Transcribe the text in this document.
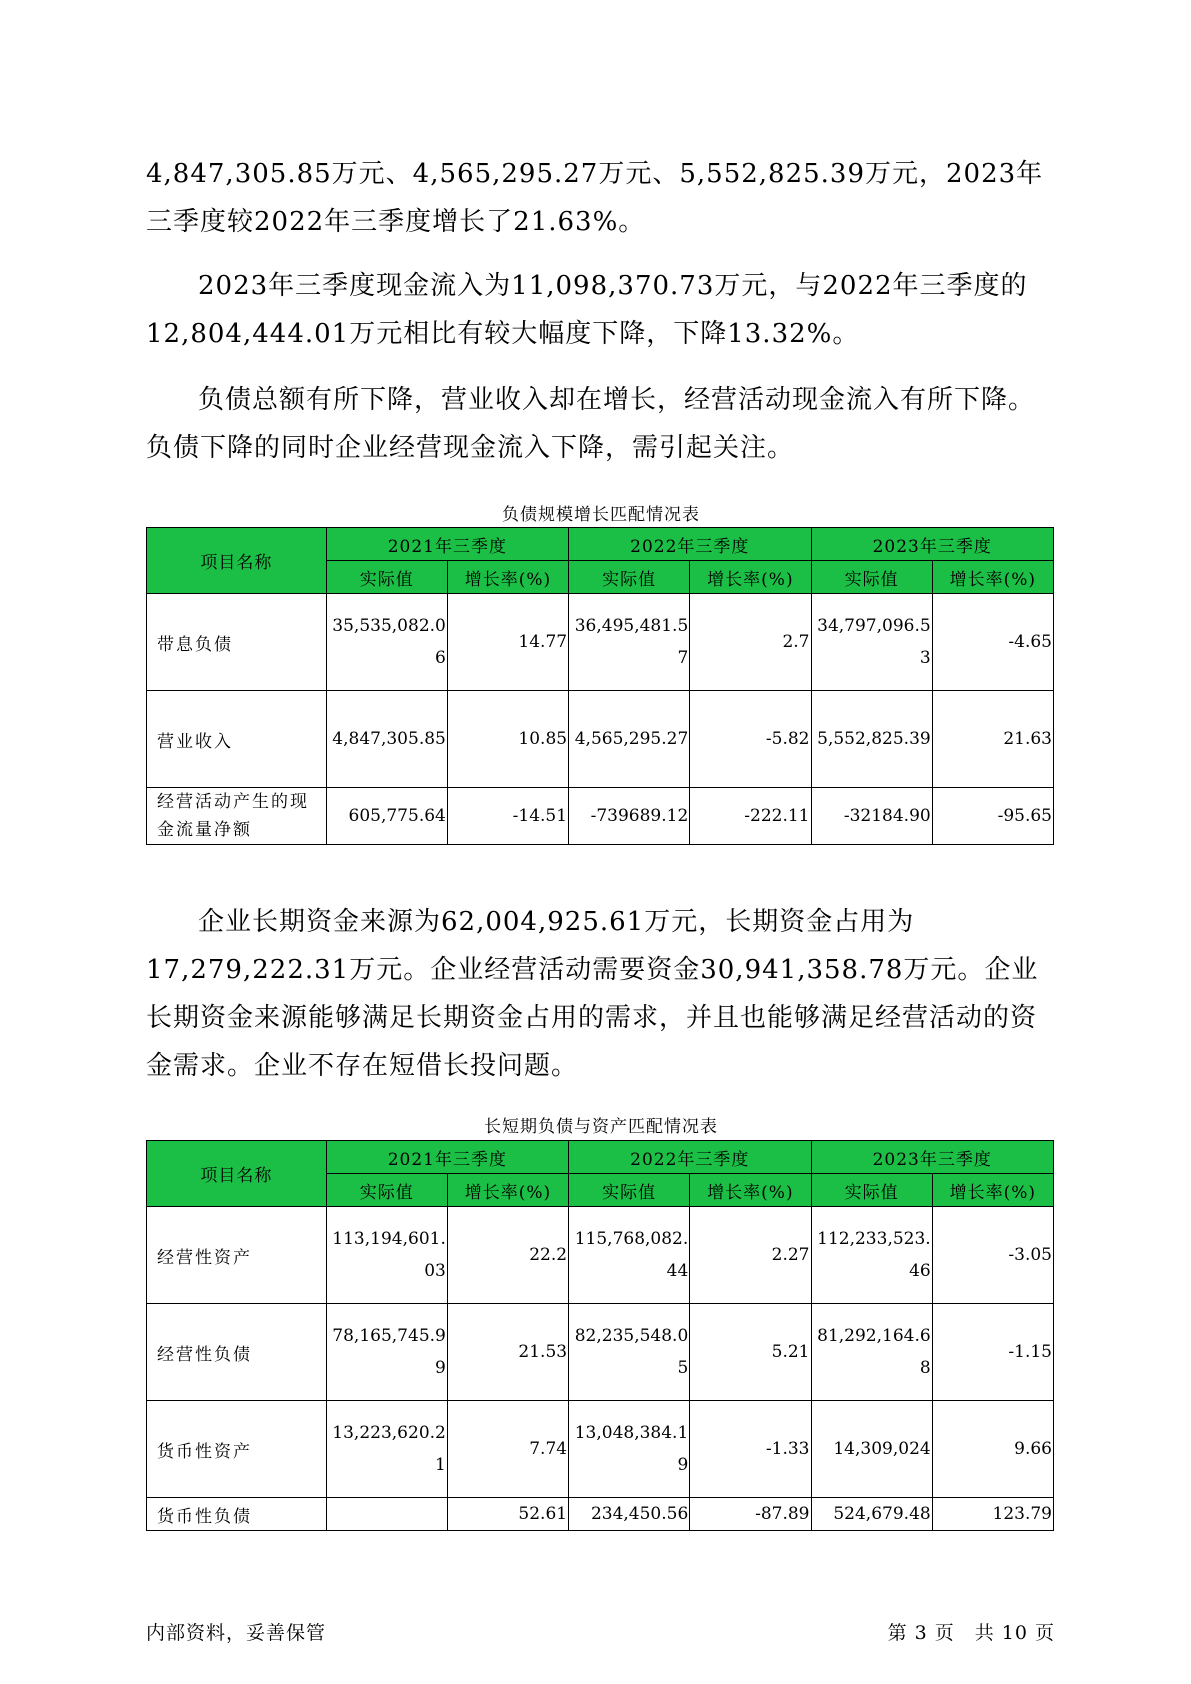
4,847,305.85万元、4,565,295.27万元、5,552,825.39万元，2023年三季度较2022年三季度增长了21.63%。

2023年三季度现金流入为11,098,370.73万元，与2022年三季度的12,804,444.01万元相比有较大幅度下降，下降13.32%。

负债总额有所下降，营业收入却在增长，经营活动现金流入有所下降。负债下降的同时企业经营现金流入下降，需引起关注。

负债规模增长匹配情况表
项目名称	2021年三季度		2022年三季度		2023年三季度	
	实际值	增长率(%)	实际值	增长率(%)	实际值	增长率(%)
带息负债	35,535,082.06	14.77	36,495,481.57	2.7	34,797,096.53	-4.65
营业收入	4,847,305.85	10.85	4,565,295.27	-5.82	5,552,825.39	21.63
经营活动产生的现金流量净额	605,775.64	-14.51	-739689.12	-222.11	-32184.90	-95.65

企业长期资金来源为62,004,925.61万元，长期资金占用为17,279,222.31万元。企业经营活动需要资金30,941,358.78万元。企业长期资金来源能够满足长期资金占用的需求，并且也能够满足经营活动的资金需求。企业不存在短借长投问题。

长短期负债与资产匹配情况表
项目名称	2021年三季度		2022年三季度		2023年三季度	
	实际值	增长率(%)	实际值	增长率(%)	实际值	增长率(%)
经营性资产	113,194,601.03	22.2	115,768,082.44	2.27	112,233,523.46	-3.05
经营性负债	78,165,745.99	21.53	82,235,548.05	5.21	81,292,164.68	-1.15
货币性资产	13,223,620.21	7.74	13,048,384.19	-1.33	14,309,024	9.66
货币性负债		52.61	234,450.56	-87.89	524,679.48	123.79
内部资料，妥善保管	第 3 页　共 10 页
